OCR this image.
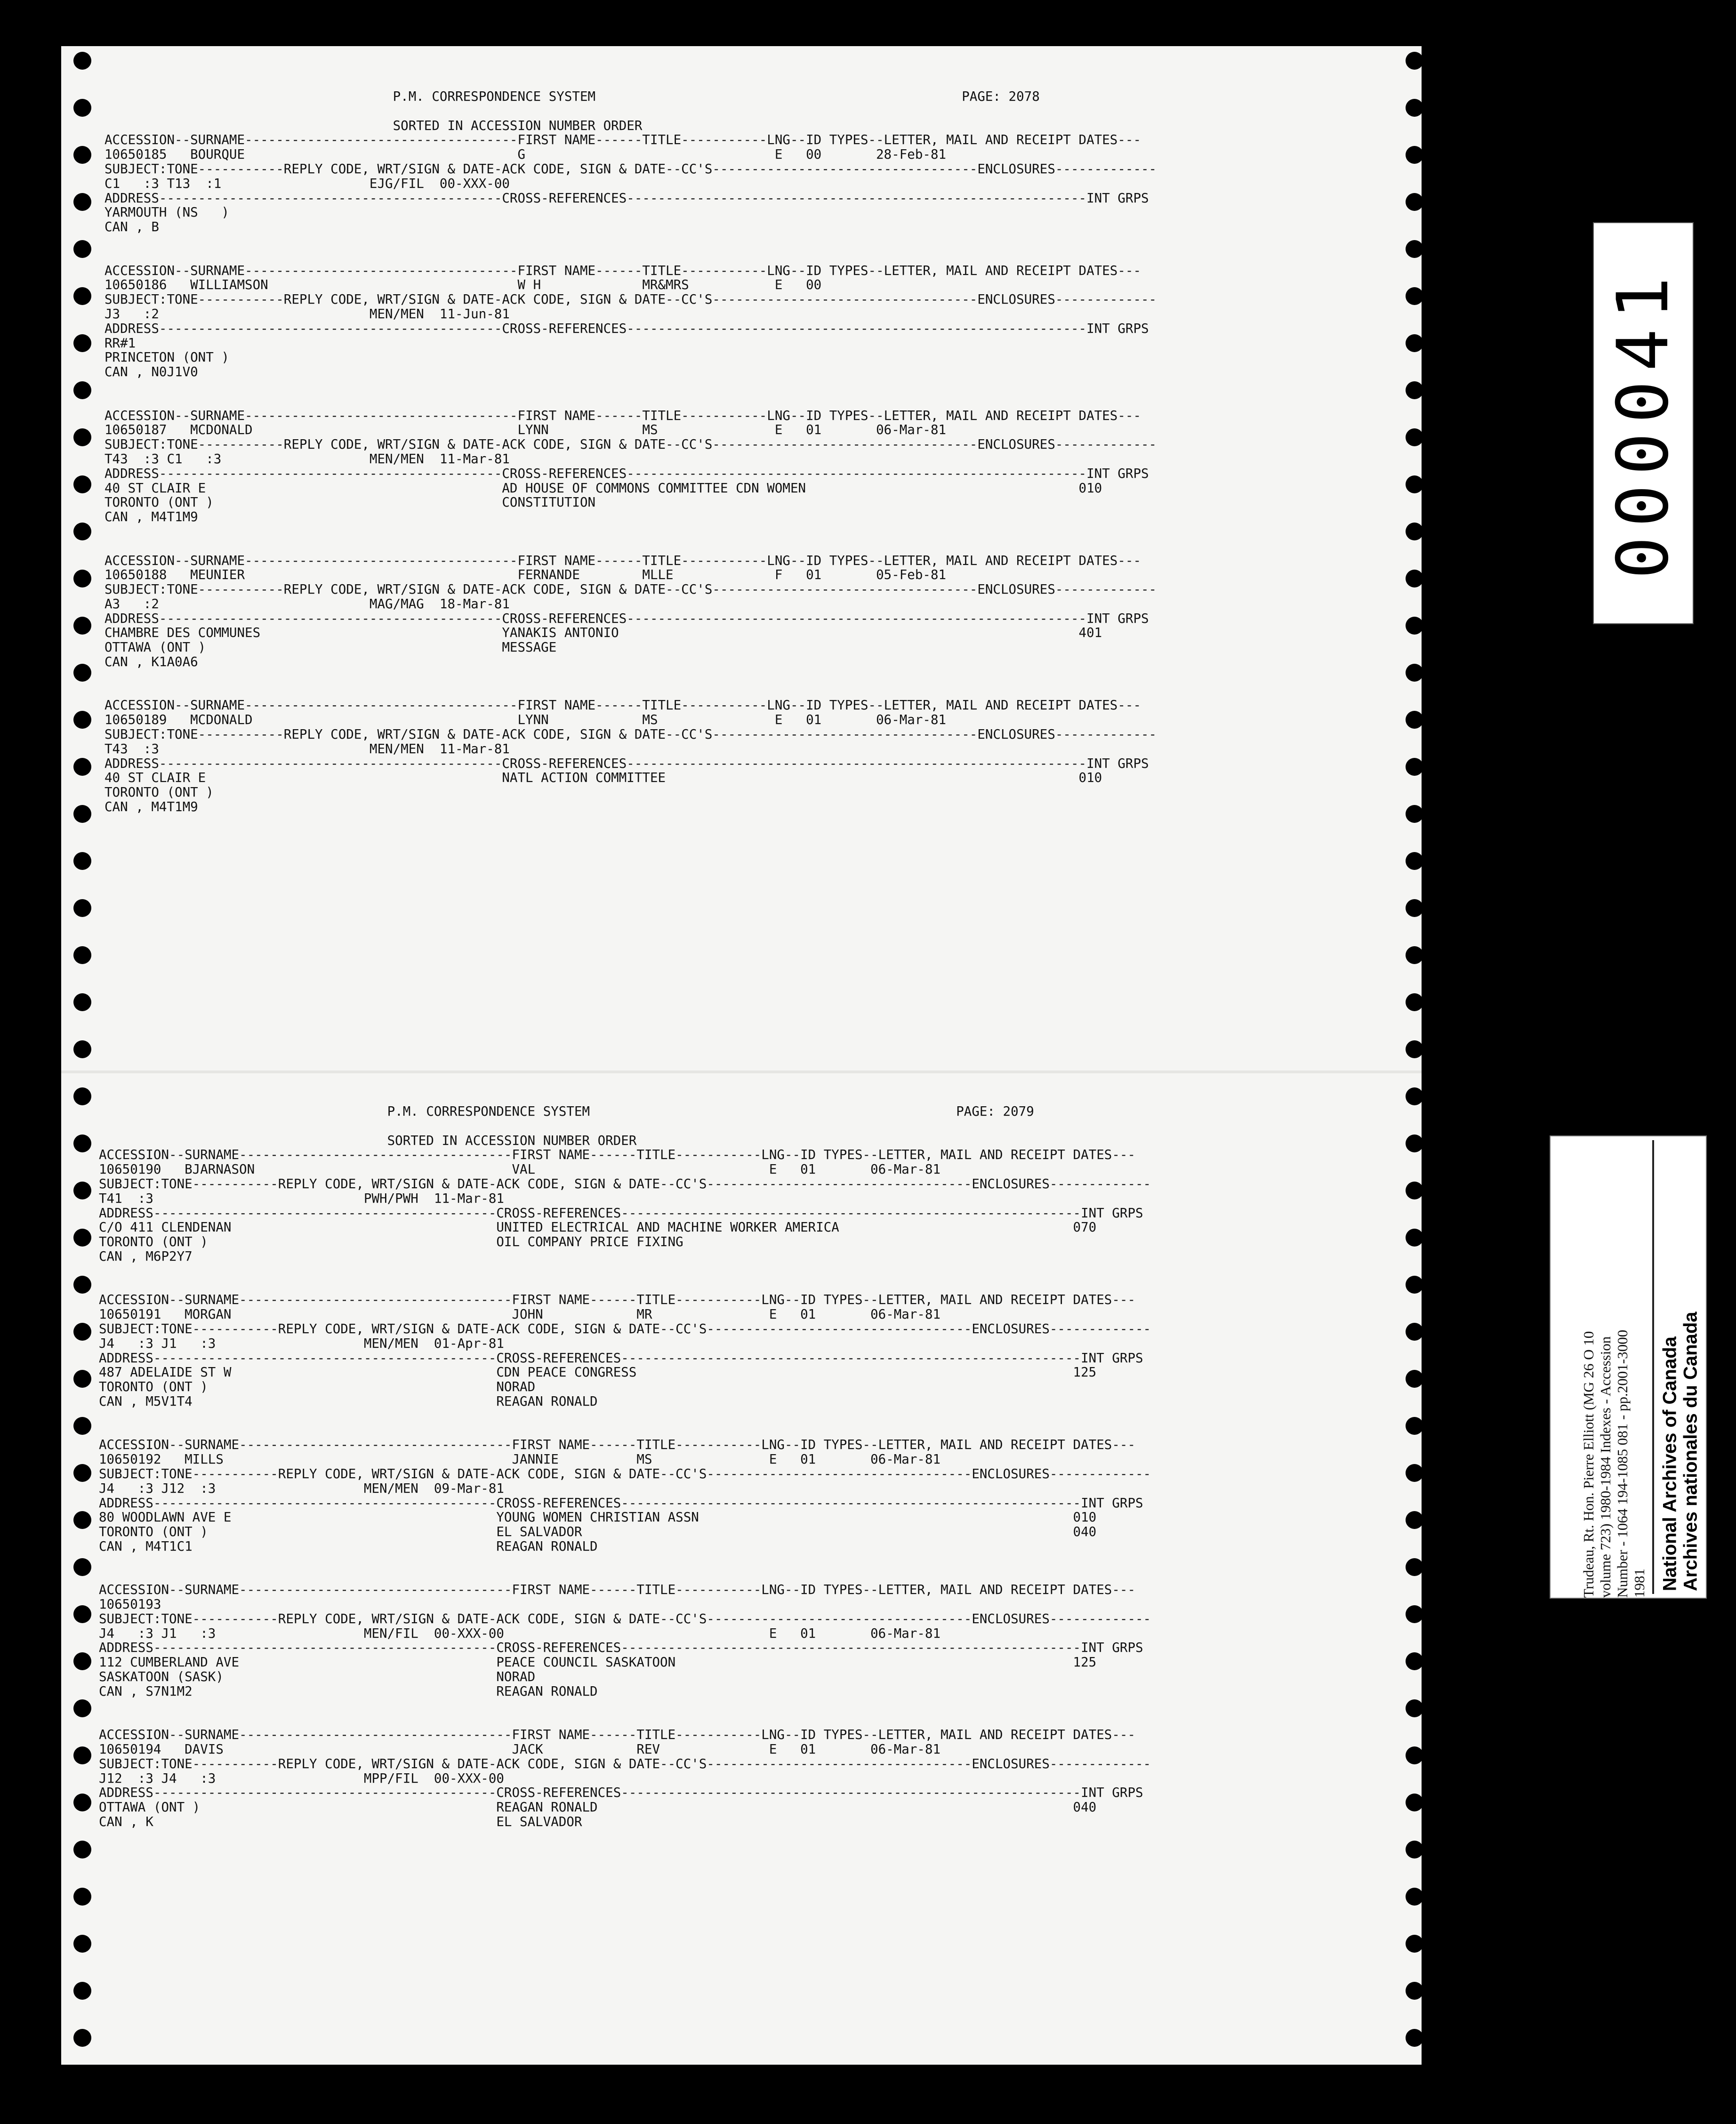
P.M. CORRESPONDENCE SYSTEM                                               PAGE: 2078

SORTED IN ACCESSION NUMBER ORDER
ACCESSION--SURNAME-----------------------------------FIRST NAME------TITLE-----------LNG--ID TYPES--LETTER, MAIL AND RECEIPT DATES---
10650185   BOURQUE                                   G                                E   00       28-Feb-81
SUBJECT:TONE-----------REPLY CODE, WRT/SIGN & DATE-ACK CODE, SIGN & DATE--CC'S----------------------------------ENCLOSURES-------------
C1   :3 T13  :1                   EJG/FIL  00-XXX-00
ADDRESS--------------------------------------------CROSS-REFERENCES-----------------------------------------------------------INT GRPS
YARMOUTH (NS   )
CAN , B

ACCESSION--SURNAME-----------------------------------FIRST NAME------TITLE-----------LNG--ID TYPES--LETTER, MAIL AND RECEIPT DATES---
10650186   WILLIAMSON                                W H             MR&MRS           E   00
SUBJECT:TONE-----------REPLY CODE, WRT/SIGN & DATE-ACK CODE, SIGN & DATE--CC'S----------------------------------ENCLOSURES-------------
J3   :2                           MEN/MEN  11-Jun-81
ADDRESS--------------------------------------------CROSS-REFERENCES-----------------------------------------------------------INT GRPS
RR#1
PRINCETON (ONT )
CAN , N0J1V0

ACCESSION--SURNAME-----------------------------------FIRST NAME------TITLE-----------LNG--ID TYPES--LETTER, MAIL AND RECEIPT DATES---
10650187   MCDONALD                                  LYNN            MS               E   01       06-Mar-81
SUBJECT:TONE-----------REPLY CODE, WRT/SIGN & DATE-ACK CODE, SIGN & DATE--CC'S----------------------------------ENCLOSURES-------------
T43  :3 C1   :3                   MEN/MEN  11-Mar-81
ADDRESS--------------------------------------------CROSS-REFERENCES-----------------------------------------------------------INT GRPS
40 ST CLAIR E                                      AD HOUSE OF COMMONS COMMITTEE CDN WOMEN                                   010
TORONTO (ONT )                                     CONSTITUTION
CAN , M4T1M9

ACCESSION--SURNAME-----------------------------------FIRST NAME------TITLE-----------LNG--ID TYPES--LETTER, MAIL AND RECEIPT DATES---
10650188   MEUNIER                                   FERNANDE        MLLE             F   01       05-Feb-81
SUBJECT:TONE-----------REPLY CODE, WRT/SIGN & DATE-ACK CODE, SIGN & DATE--CC'S----------------------------------ENCLOSURES-------------
A3   :2                           MAG/MAG  18-Mar-81
ADDRESS--------------------------------------------CROSS-REFERENCES-----------------------------------------------------------INT GRPS
CHAMBRE DES COMMUNES                               YANAKIS ANTONIO                                                           401
OTTAWA (ONT )                                      MESSAGE
CAN , K1A0A6

ACCESSION--SURNAME-----------------------------------FIRST NAME------TITLE-----------LNG--ID TYPES--LETTER, MAIL AND RECEIPT DATES---
10650189   MCDONALD                                  LYNN            MS               E   01       06-Mar-81
SUBJECT:TONE-----------REPLY CODE, WRT/SIGN & DATE-ACK CODE, SIGN & DATE--CC'S----------------------------------ENCLOSURES-------------
T43  :3                           MEN/MEN  11-Mar-81
ADDRESS--------------------------------------------CROSS-REFERENCES-----------------------------------------------------------INT GRPS
40 ST CLAIR E                                      NATL ACTION COMMITTEE                                                     010
TORONTO (ONT )
CAN , M4T1M9
P.M. CORRESPONDENCE SYSTEM                                               PAGE: 2079

SORTED IN ACCESSION NUMBER ORDER
ACCESSION--SURNAME-----------------------------------FIRST NAME------TITLE-----------LNG--ID TYPES--LETTER, MAIL AND RECEIPT DATES---
10650190   BJARNASON                                 VAL                              E   01       06-Mar-81
SUBJECT:TONE-----------REPLY CODE, WRT/SIGN & DATE-ACK CODE, SIGN & DATE--CC'S----------------------------------ENCLOSURES-------------
T41  :3                           PWH/PWH  11-Mar-81
ADDRESS--------------------------------------------CROSS-REFERENCES-----------------------------------------------------------INT GRPS
C/O 411 CLENDENAN                                  UNITED ELECTRICAL AND MACHINE WORKER AMERICA                              070
TORONTO (ONT )                                     OIL COMPANY PRICE FIXING
CAN , M6P2Y7

ACCESSION--SURNAME-----------------------------------FIRST NAME------TITLE-----------LNG--ID TYPES--LETTER, MAIL AND RECEIPT DATES---
10650191   MORGAN                                    JOHN            MR               E   01       06-Mar-81
SUBJECT:TONE-----------REPLY CODE, WRT/SIGN & DATE-ACK CODE, SIGN & DATE--CC'S----------------------------------ENCLOSURES-------------
J4   :3 J1   :3                   MEN/MEN  01-Apr-81
ADDRESS--------------------------------------------CROSS-REFERENCES-----------------------------------------------------------INT GRPS
487 ADELAIDE ST W                                  CDN PEACE CONGRESS                                                        125
TORONTO (ONT )                                     NORAD
CAN , M5V1T4                                       REAGAN RONALD

ACCESSION--SURNAME-----------------------------------FIRST NAME------TITLE-----------LNG--ID TYPES--LETTER, MAIL AND RECEIPT DATES---
10650192   MILLS                                     JANNIE          MS               E   01       06-Mar-81
SUBJECT:TONE-----------REPLY CODE, WRT/SIGN & DATE-ACK CODE, SIGN & DATE--CC'S----------------------------------ENCLOSURES-------------
J4   :3 J12  :3                   MEN/MEN  09-Mar-81
ADDRESS--------------------------------------------CROSS-REFERENCES-----------------------------------------------------------INT GRPS
80 WOODLAWN AVE E                                  YOUNG WOMEN CHRISTIAN ASSN                                                010
TORONTO (ONT )                                     EL SALVADOR                                                               040
CAN , M4T1C1                                       REAGAN RONALD

ACCESSION--SURNAME-----------------------------------FIRST NAME------TITLE-----------LNG--ID TYPES--LETTER, MAIL AND RECEIPT DATES---
10650193
SUBJECT:TONE-----------REPLY CODE, WRT/SIGN & DATE-ACK CODE, SIGN & DATE--CC'S----------------------------------ENCLOSURES-------------
J4   :3 J1   :3                   MEN/FIL  00-XXX-00                                  E   01       06-Mar-81
ADDRESS--------------------------------------------CROSS-REFERENCES-----------------------------------------------------------INT GRPS
112 CUMBERLAND AVE                                 PEACE COUNCIL SASKATOON                                                   125
SASKATOON (SASK)                                   NORAD
CAN , S7N1M2                                       REAGAN RONALD

ACCESSION--SURNAME-----------------------------------FIRST NAME------TITLE-----------LNG--ID TYPES--LETTER, MAIL AND RECEIPT DATES---
10650194   DAVIS                                     JACK            REV              E   01       06-Mar-81
SUBJECT:TONE-----------REPLY CODE, WRT/SIGN & DATE-ACK CODE, SIGN & DATE--CC'S----------------------------------ENCLOSURES-------------
J12  :3 J4   :3                   MPP/FIL  00-XXX-00
ADDRESS--------------------------------------------CROSS-REFERENCES-----------------------------------------------------------INT GRPS
OTTAWA (ONT )                                      REAGAN RONALD                                                             040
CAN , K                                            EL SALVADOR
000041
Trudeau, Rt. Hon. Pierre Elliott (MG 26 O 10
volume 723) 1980-1984 Indexes - Accession
Number - 1064 194-1085 081 - pp.2001-3000
1981 National Archives of Canada
Archives nationales du Canada
